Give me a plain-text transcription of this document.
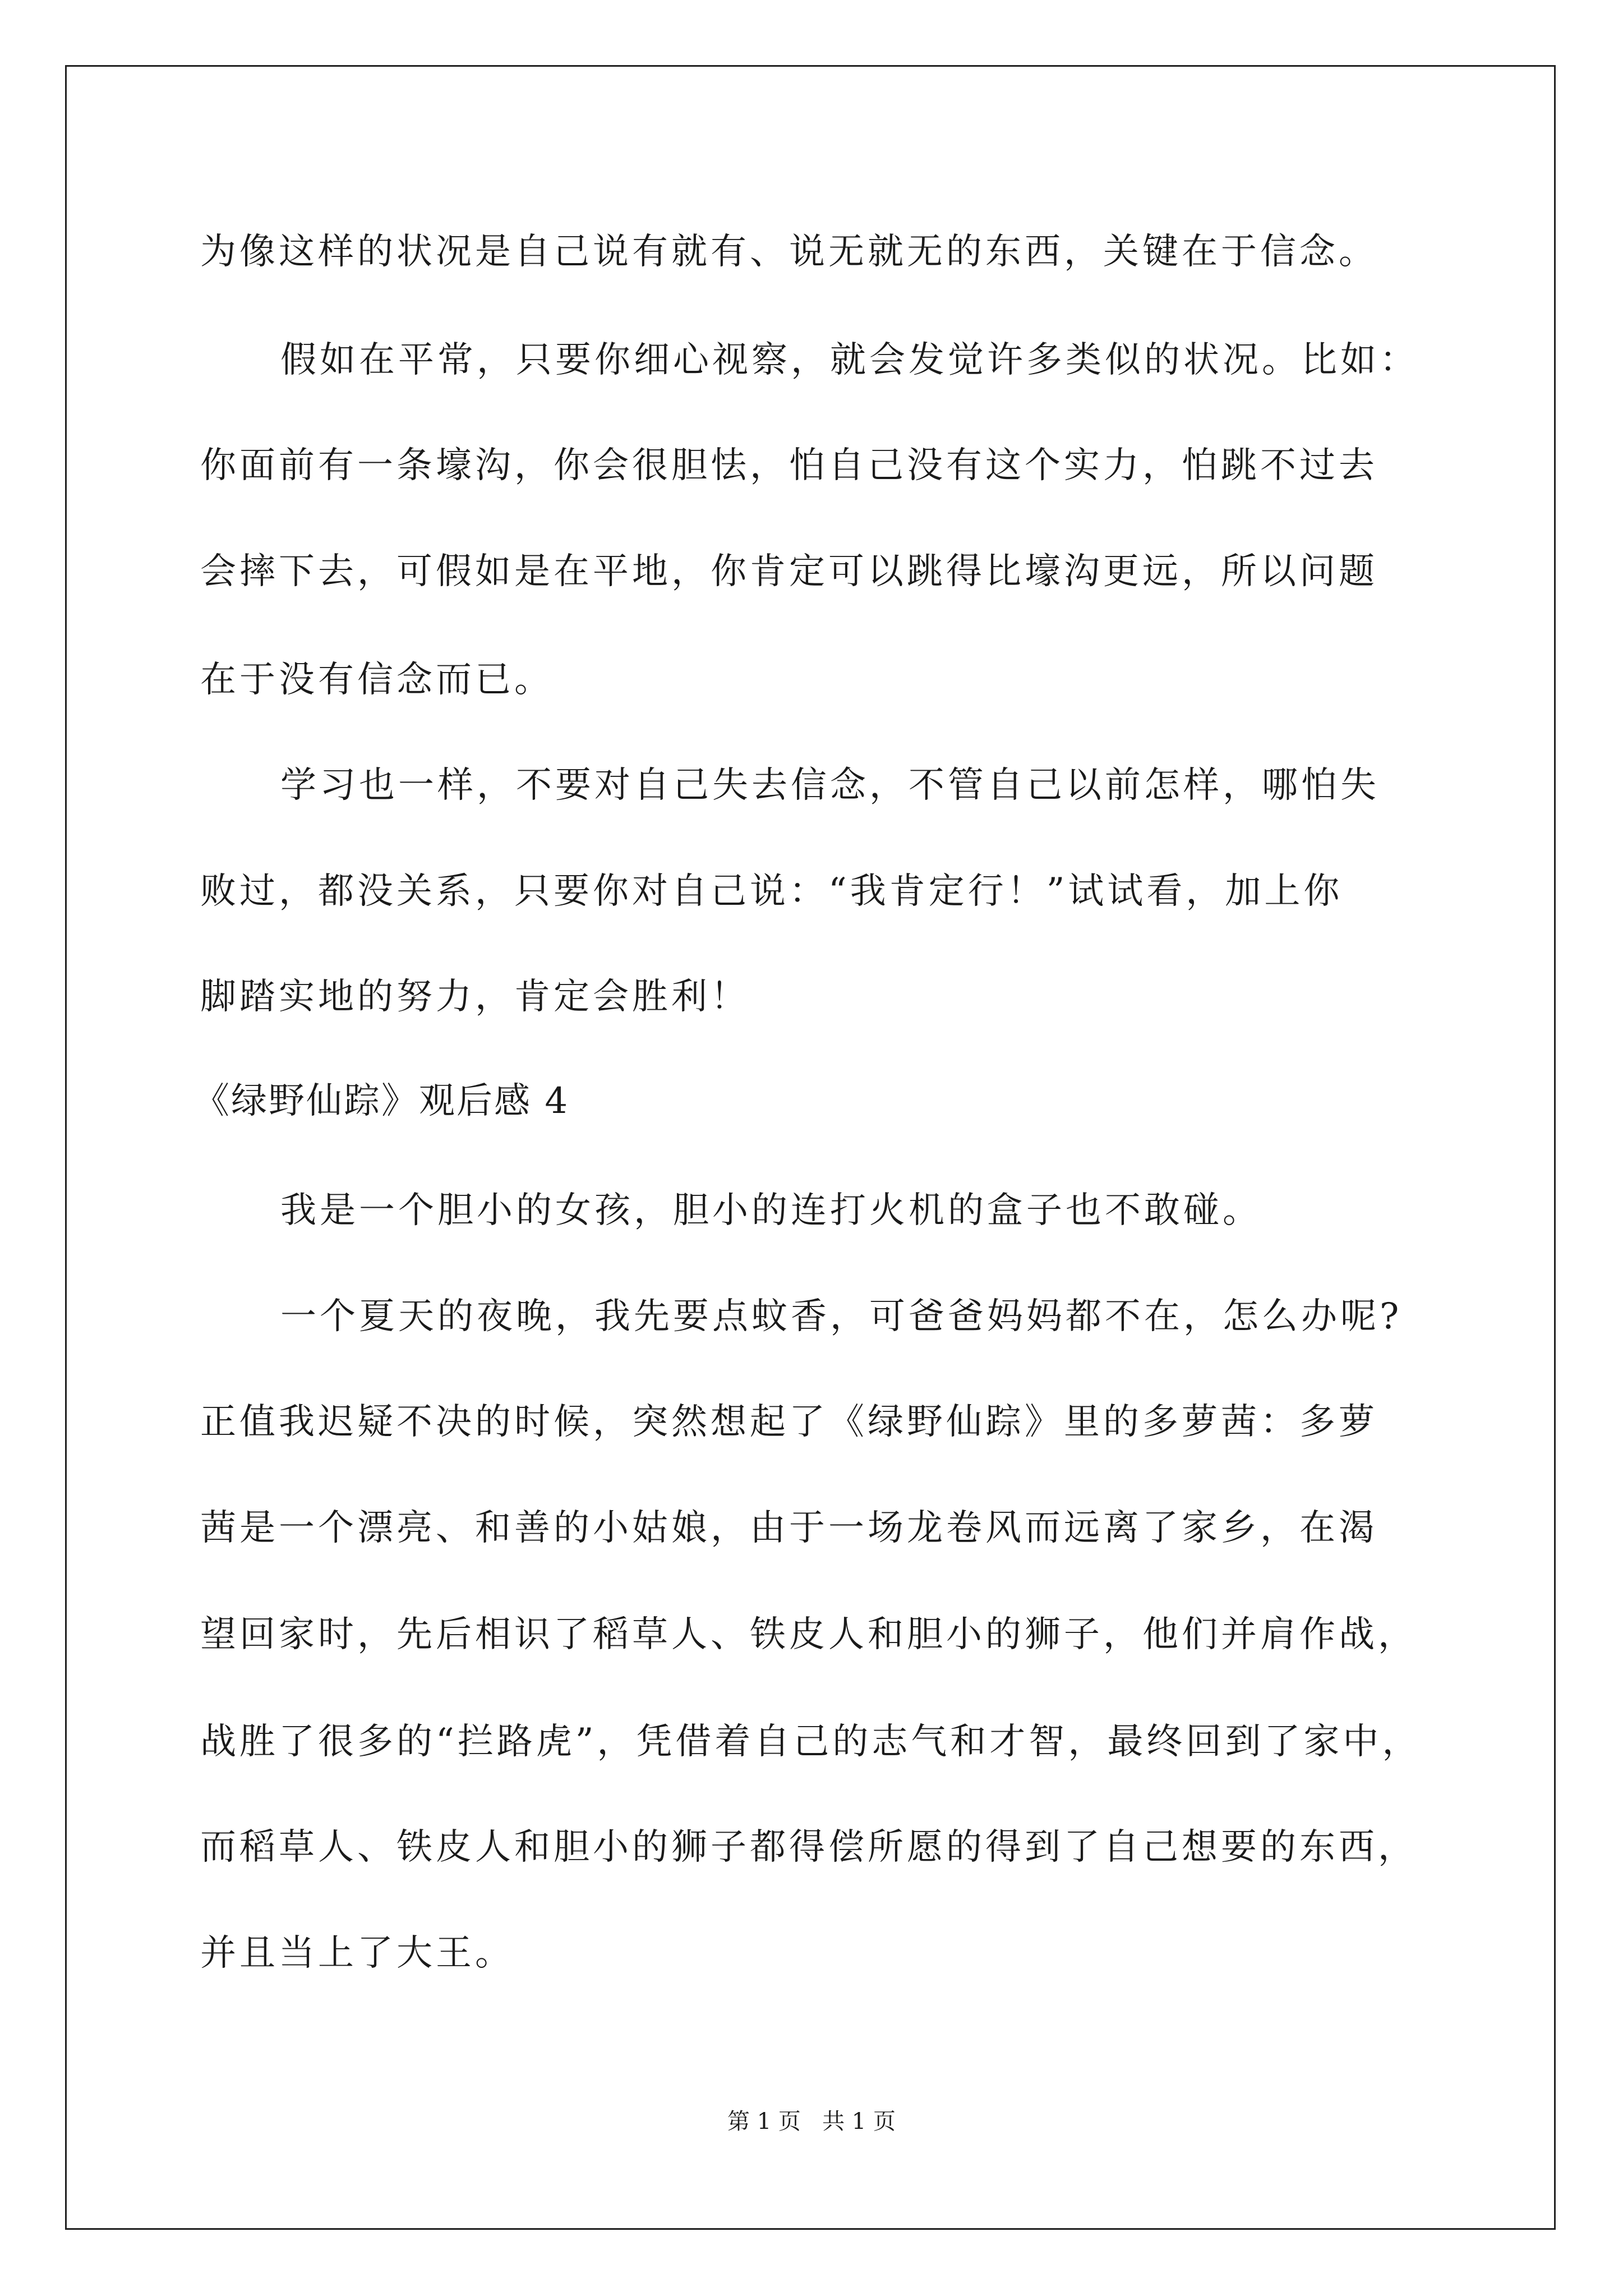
为像这样的状况是自己说有就有、说无就无的东西，关键在于信念。
假如在平常，只要你细心视察，就会发觉许多类似的状况。比如：
你面前有一条壕沟，你会很胆怯，怕自己没有这个实力，怕跳不过去
会摔下去，可假如是在平地，你肯定可以跳得比壕沟更远，所以问题
在于没有信念而已。
学习也一样，不要对自己失去信念，不管自己以前怎样，哪怕失
败过，都没关系，只要你对自己说：“我肯定行！”试试看，加上你
脚踏实地的努力，肯定会胜利！
《绿野仙踪》观后感 4
我是一个胆小的女孩，胆小的连打火机的盒子也不敢碰。
一个夏天的夜晚，我先要点蚊香，可爸爸妈妈都不在，怎么办呢?
正值我迟疑不决的时候，突然想起了《绿野仙踪》里的多萝茜：多萝
茜是一个漂亮、和善的小姑娘，由于一场龙卷风而远离了家乡，在渴
望回家时，先后相识了稻草人、铁皮人和胆小的狮子，他们并肩作战，
战胜了很多的“拦路虎”，凭借着自己的志气和才智，最终回到了家中，
而稻草人、铁皮人和胆小的狮子都得偿所愿的得到了自己想要的东西，
并且当上了大王。
第 1 页   共 1 页
